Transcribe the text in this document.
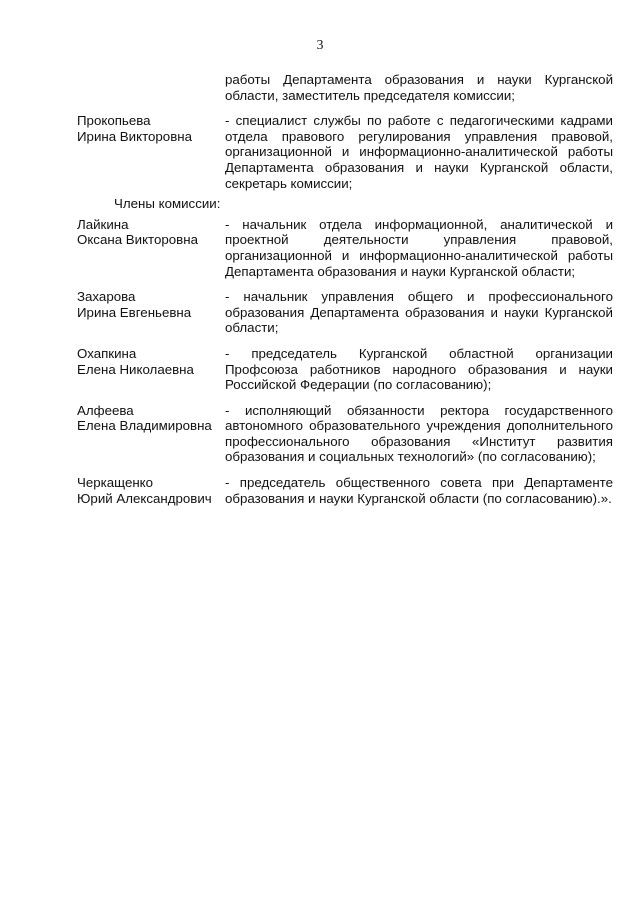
3
работы Департамента образования и науки Курганской области, заместитель председателя комиссии;
Прокопьева
Ирина Викторовна
- специалист службы по работе с педагогическими кадрами отдела правового регулирования управления правовой, организационной и информационно-аналитической работы Департамента образования и науки Курганской области, секретарь комиссии;
Члены комиссии:
Лайкина
Оксана Викторовна
- начальник отдела информационной, аналитической и проектной деятельности управления правовой, организационной и информационно-аналитической работы Департамента образования и науки Курганской области;
Захарова
Ирина Евгеньевна
- начальник управления общего и профессионального образования Департамента образования и науки Курганской области;
Охапкина
Елена Николаевна
- председатель Курганской областной организации Профсоюза работников народного образования и науки Российской Федерации (по согласованию);
Алфеева
Елена Владимировна
- исполняющий обязанности ректора государственного автономного образовательного учреждения дополнительного профессионального образования «Институт развития образования и социальных технологий» (по согласованию);
Черкащенко
Юрий Александрович
- председатель общественного совета при Департаменте образования и науки Курганской области (по согласованию).».
